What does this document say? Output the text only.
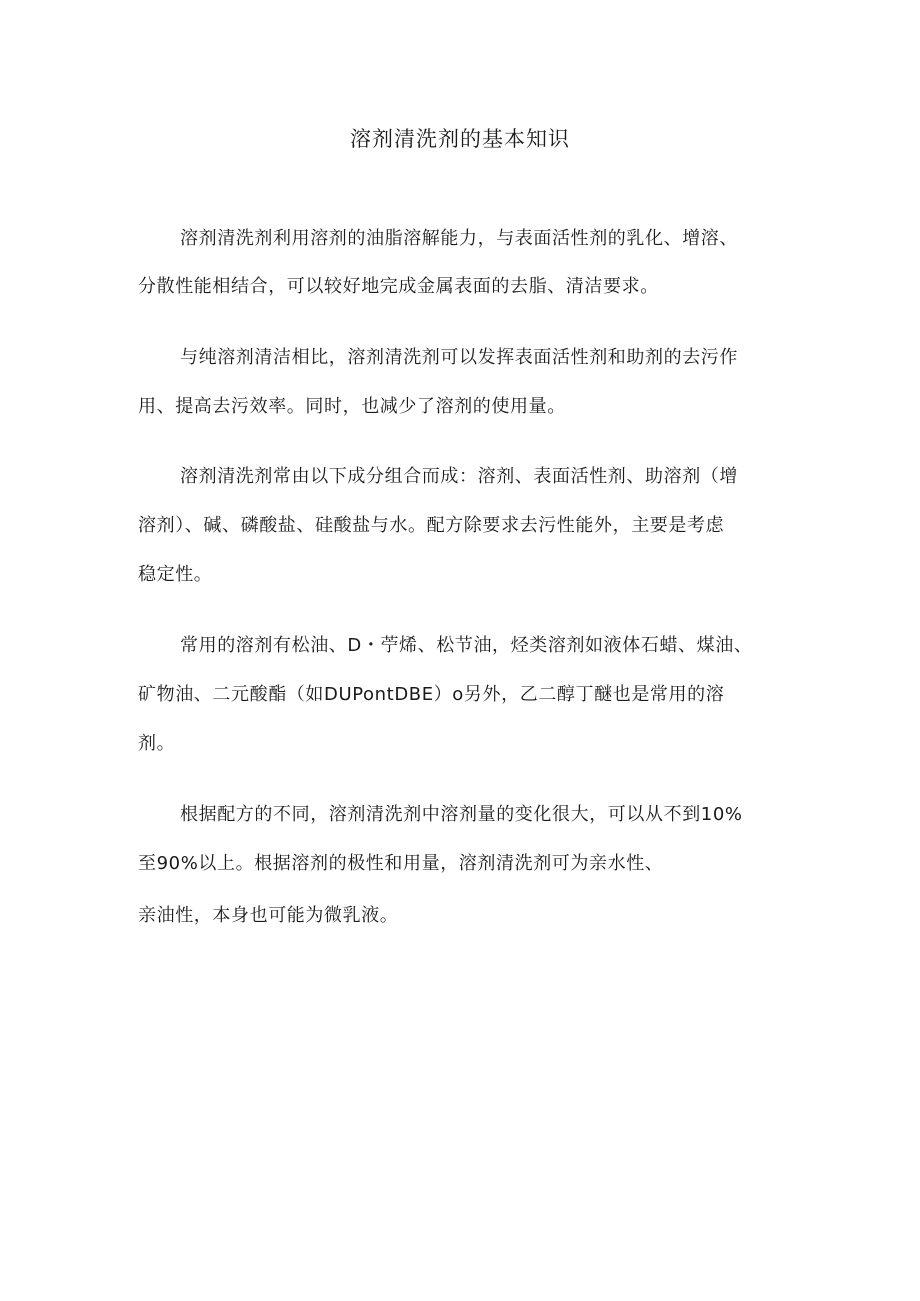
溶剂清洗剂的基本知识

溶剂清洗剂利用溶剂的油脂溶解能力，与表面活性剂的乳化、增溶、

分散性能相结合，可以较好地完成金属表面的去脂、清洁要求。

与纯溶剂清洁相比，溶剂清洗剂可以发挥表面活性剂和助剂的去污作

用、提高去污效率。同时，也减少了溶剂的使用量。

溶剂清洗剂常由以下成分组合而成：溶剂、表面活性剂、助溶剂（增

溶剂）、碱、磷酸盐、硅酸盐与水。配方除要求去污性能外，主要是考虑

稳定性。

常用的溶剂有松油、D・苧烯、松节油，烃类溶剂如液体石蜡、煤油、

矿物油、二元酸酯（如DUPontDBE）o另外，乙二醇丁醚也是常用的溶

剂。

根据配方的不同，溶剂清洗剂中溶剂量的变化很大，可以从不到10%

至90%以上。根据溶剂的极性和用量，溶剂清洗剂可为亲水性、

亲油性，本身也可能为微乳液。
